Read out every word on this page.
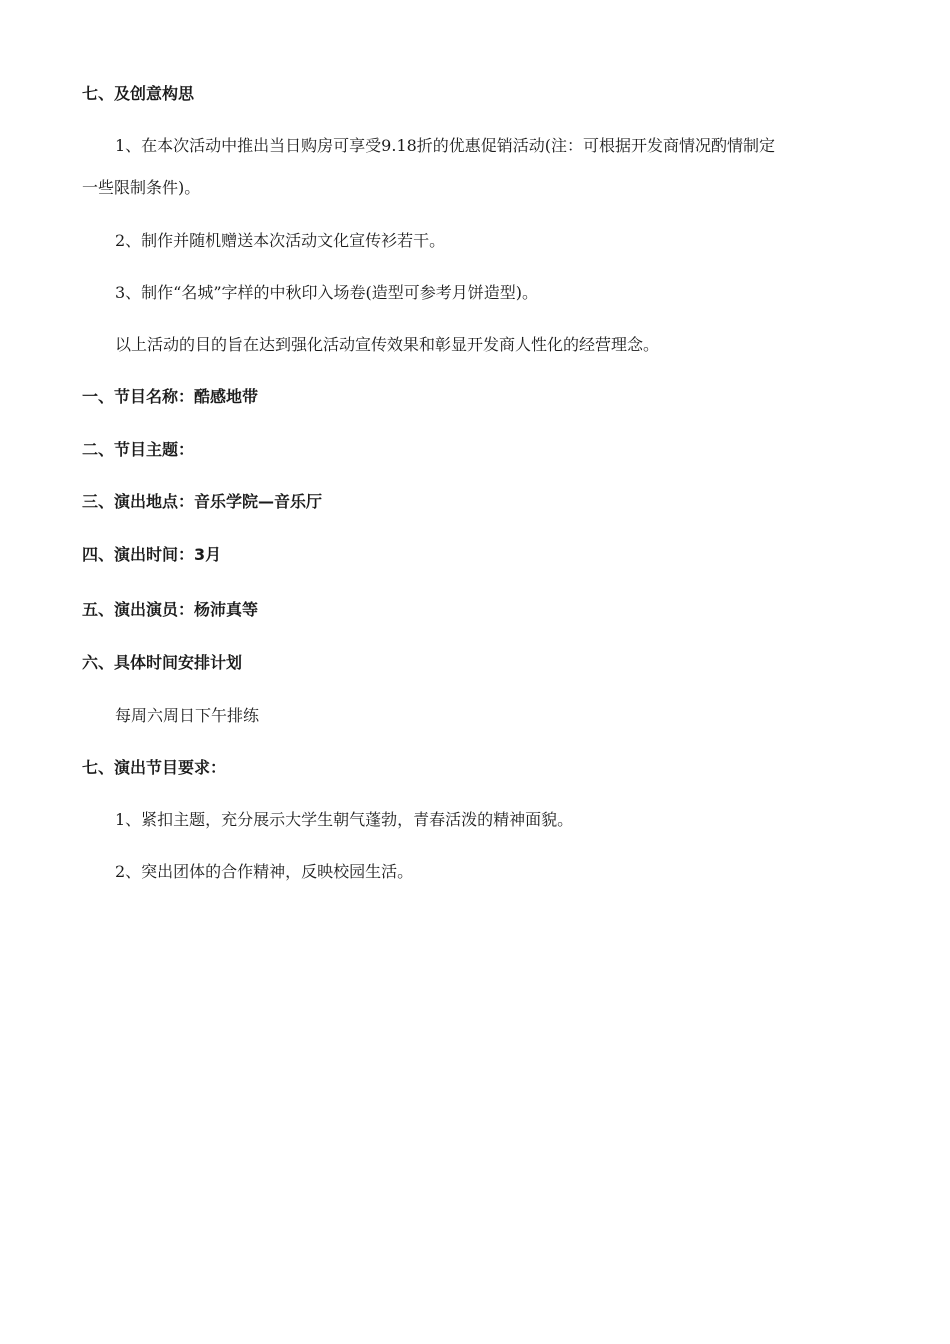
七、及创意构思
1、在本次活动中推出当日购房可享受9.18折的优惠促销活动(注：可根据开发商情况酌情制定
一些限制条件)。
2、制作并随机赠送本次活动文化宣传衫若干。
3、制作“名城”字样的中秋印入场卷(造型可参考月饼造型)。
以上活动的目的旨在达到强化活动宣传效果和彰显开发商人性化的经营理念。
一、节目名称：酷感地带
二、节目主题：
三、演出地点：音乐学院—音乐厅
四、演出时间：3月
五、演出演员：杨沛真等
六、具体时间安排计划
每周六周日下午排练
七、演出节目要求：
1、紧扣主题，充分展示大学生朝气蓬勃，青春活泼的精神面貌。
2、突出团体的合作精神，反映校园生活。
